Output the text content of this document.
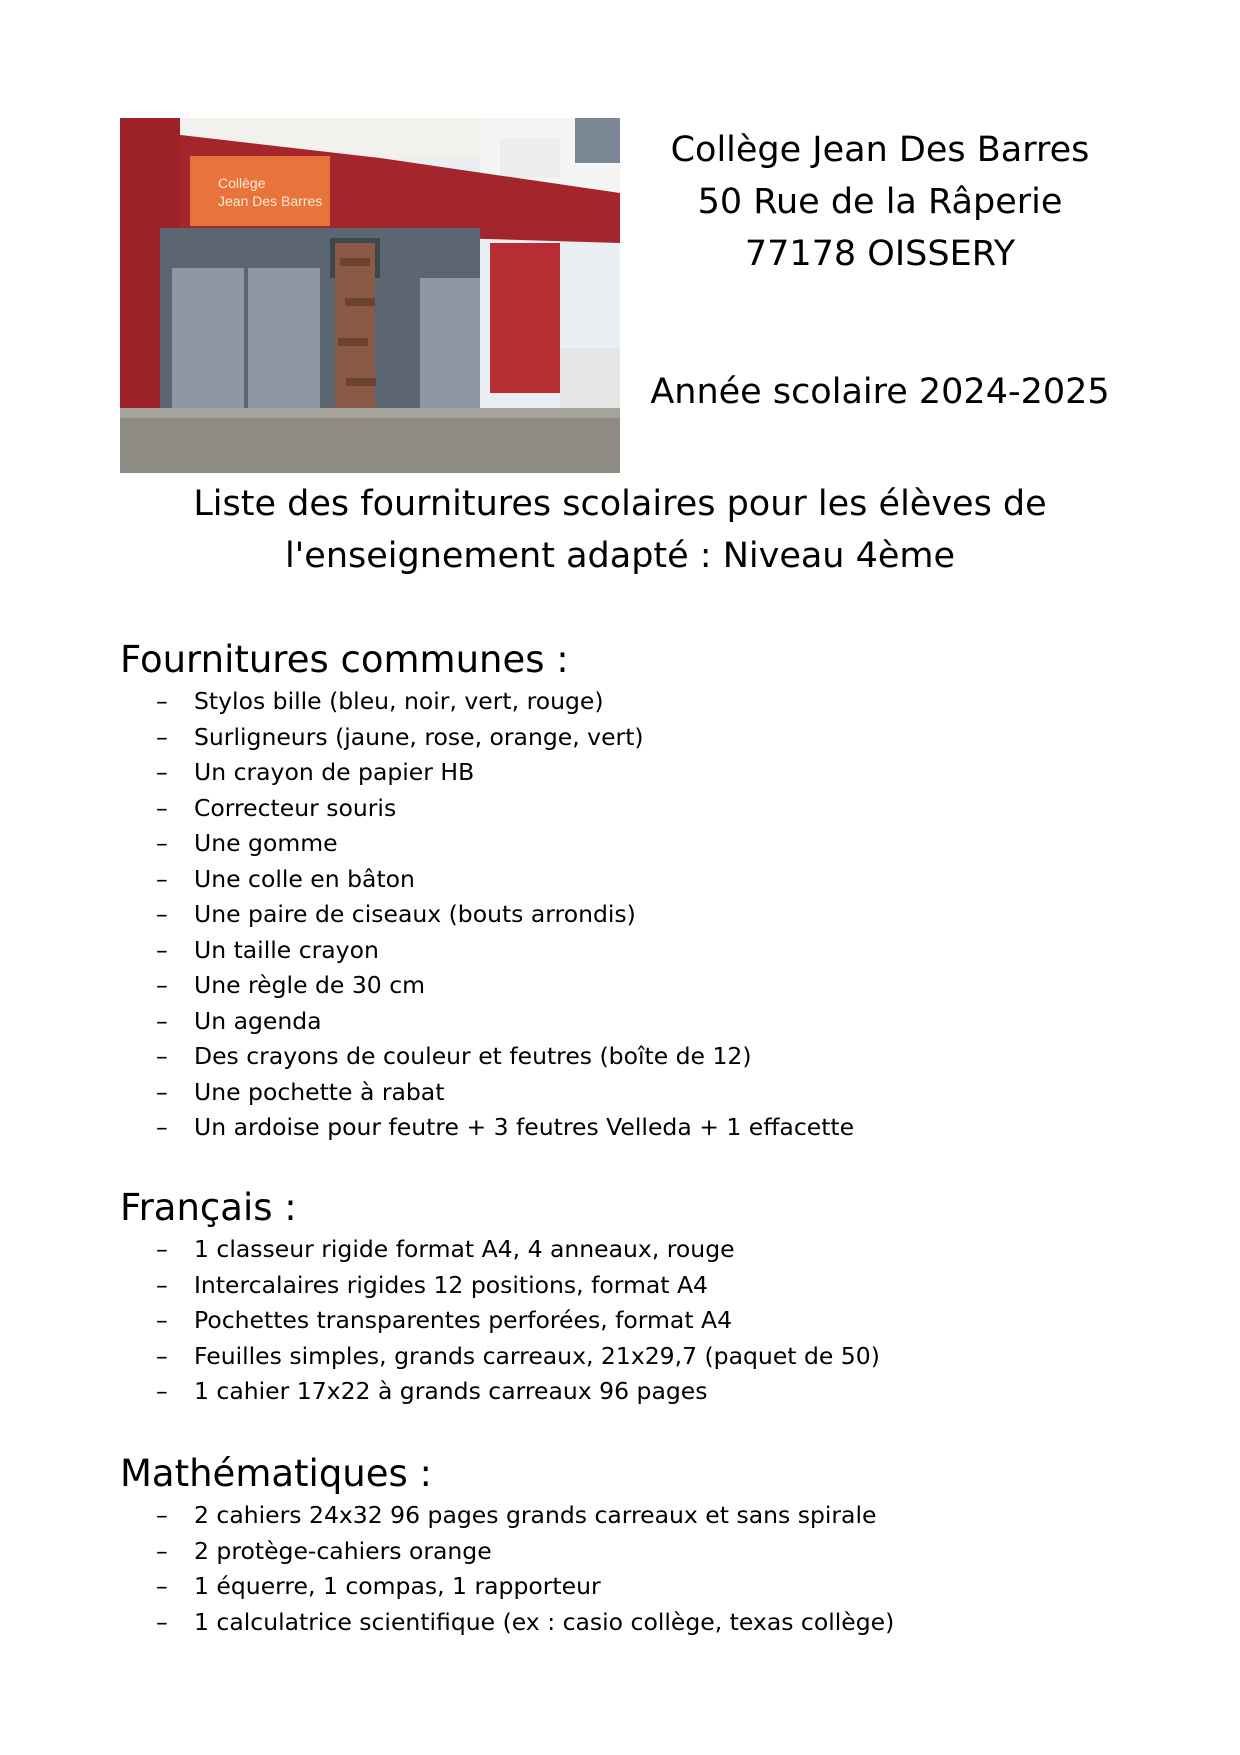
Collège
Jean Des Barres
Collège Jean Des Barres
50 Rue de la Râperie
77178 OISSERY
Année scolaire 2024-2025
Liste des fournitures scolaires pour les élèves de
l'enseignement adapté : Niveau 4ème
Fournitures communes :
– Stylos bille (bleu, noir, vert, rouge)
– Surligneurs (jaune, rose, orange, vert)
– Un crayon de papier HB
– Correcteur souris
– Une gomme
– Une colle en bâton
– Une paire de ciseaux (bouts arrondis)
– Un taille crayon
– Une règle de 30 cm
– Un agenda
– Des crayons de couleur et feutres (boîte de 12)
– Une pochette à rabat
– Un ardoise pour feutre + 3 feutres Velleda + 1 effacette
Français :
– 1 classeur rigide format A4, 4 anneaux, rouge
– Intercalaires rigides 12 positions, format A4
– Pochettes transparentes perforées, format A4
– Feuilles simples, grands carreaux, 21x29,7 (paquet de 50)
– 1 cahier 17x22 à grands carreaux 96 pages
Mathématiques :
– 2 cahiers 24x32 96 pages grands carreaux et sans spirale
– 2 protège-cahiers orange
– 1 équerre, 1 compas, 1 rapporteur
– 1 calculatrice scientifique (ex : casio collège, texas collège)
